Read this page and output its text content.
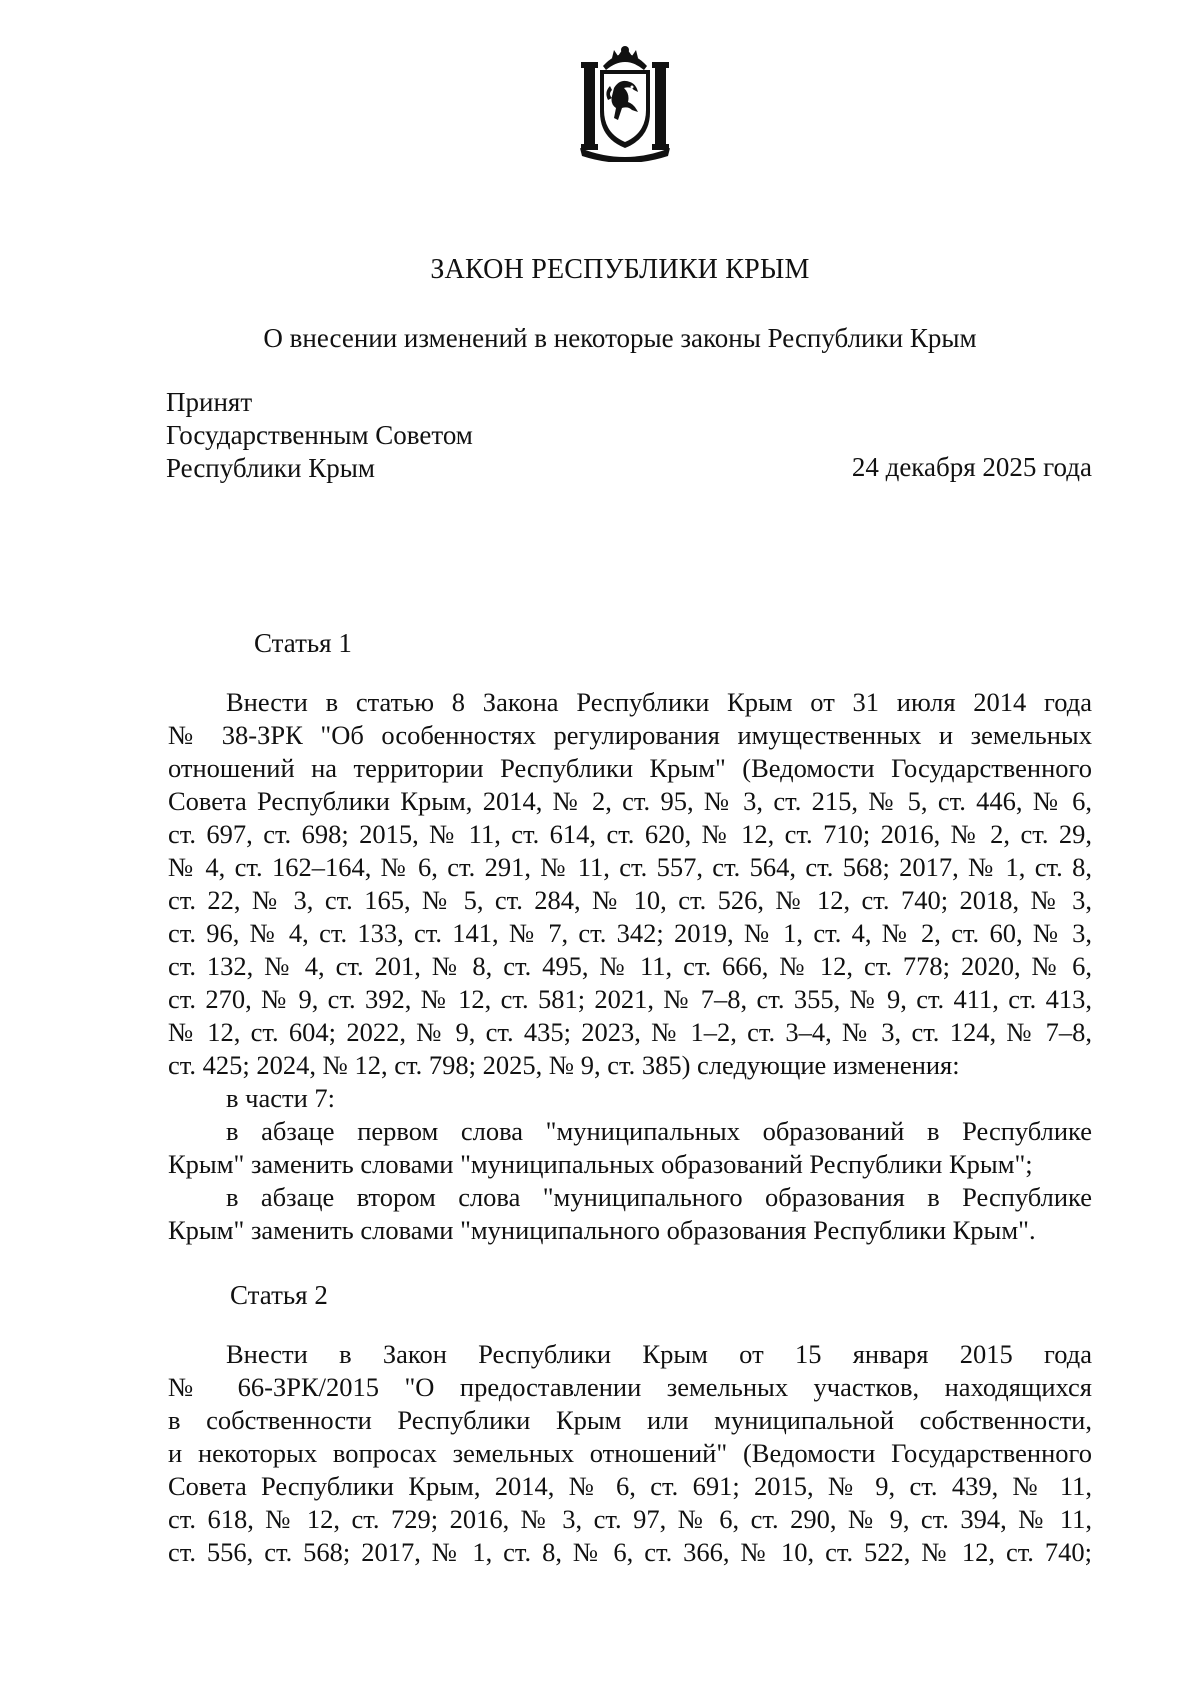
ЗАКОН РЕСПУБЛИКИ КРЫМ
О внесении изменений в некоторые законы Республики Крым
Принят
Государственным Советом
Республики Крым	24 декабря 2025 года
Статья 1

Внести в статью 8 Закона Республики Крым от 31 июля 2014 года

№ 38-ЗРК "Об особенностях регулирования имущественных и земельных

отношений на территории Республики Крым" (Ведомости Государственного

Совета Республики Крым, 2014, № 2, ст. 95, № 3, ст. 215, № 5, ст. 446, № 6,

ст. 697, ст. 698; 2015, № 11, ст. 614, ст. 620, № 12, ст. 710; 2016, № 2, ст. 29,

№ 4, ст. 162–164, № 6, ст. 291, № 11, ст. 557, ст. 564, ст. 568; 2017, № 1, ст. 8,

ст. 22, № 3, ст. 165, № 5, ст. 284, № 10, ст. 526, № 12, ст. 740; 2018, № 3,

ст. 96, № 4, ст. 133, ст. 141, № 7, ст. 342; 2019, № 1, ст. 4, № 2, ст. 60, № 3,

ст. 132, № 4, ст. 201, № 8, ст. 495, № 11, ст. 666, № 12, ст. 778; 2020, № 6,

ст. 270, № 9, ст. 392, № 12, ст. 581; 2021, № 7–8, ст. 355, № 9, ст. 411, ст. 413,

№ 12, ст. 604; 2022, № 9, ст. 435; 2023, № 1–2, ст. 3–4, № 3, ст. 124, № 7–8,

ст. 425; 2024, № 12, ст. 798; 2025, № 9, ст. 385) следующие изменения:

в части 7:

в абзаце первом слова "муниципальных образований в Республике

Крым" заменить словами "муниципальных образований Республики Крым";

в абзаце втором слова "муниципального образования в Республике

Крым" заменить словами "муниципального образования Республики Крым".

Статья 2

Внести в Закон Республики Крым от 15 января 2015 года

№ 66-ЗРК/2015 "О предоставлении земельных участков, находящихся

в собственности Республики Крым или муниципальной собственности,

и некоторых вопросах земельных отношений" (Ведомости Государственного

Совета Республики Крым, 2014, № 6, ст. 691; 2015, № 9, ст. 439, № 11,

ст. 618, № 12, ст. 729; 2016, № 3, ст. 97, № 6, ст. 290, № 9, ст. 394, № 11,

ст. 556, ст. 568; 2017, № 1, ст. 8, № 6, ст. 366, № 10, ст. 522, № 12, ст. 740;
